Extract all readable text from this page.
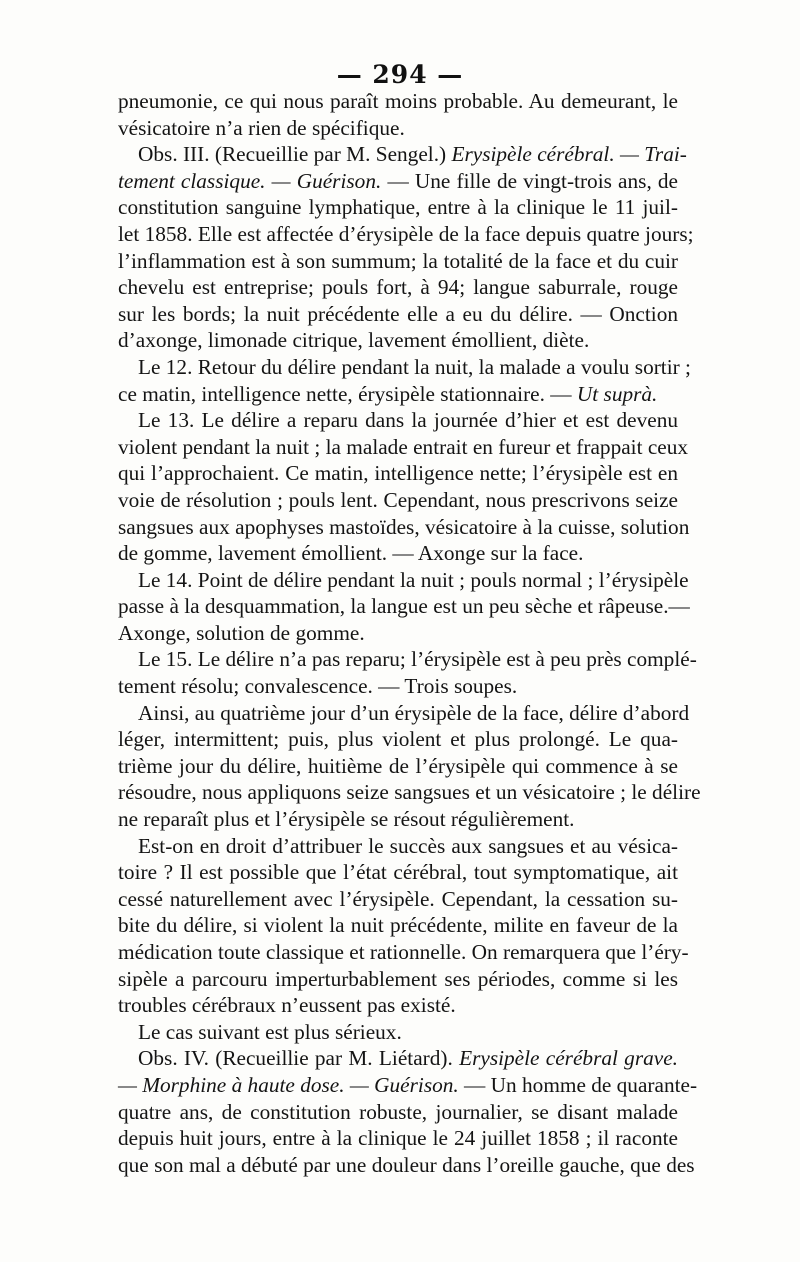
— 294 —
pneumonie, ce qui nous paraît moins probable. Au demeurant, le
vésicatoire n’a rien de spécifique.
Obs. III. (Recueillie par M. Sengel.) Erysipèle cérébral. — Trai-
tement classique. — Guérison. — Une fille de vingt-trois ans, de
constitution sanguine lymphatique, entre à la clinique le 11 juil-
let 1858. Elle est affectée d’érysipèle de la face depuis quatre jours;
l’inflammation est à son summum; la totalité de la face et du cuir
chevelu est entreprise; pouls fort, à 94; langue saburrale, rouge
sur les bords; la nuit précédente elle a eu du délire. — Onction
d’axonge, limonade citrique, lavement émollient, diète.
Le 12. Retour du délire pendant la nuit, la malade a voulu sortir ;
ce matin, intelligence nette, érysipèle stationnaire. — Ut suprà.
Le 13. Le délire a reparu dans la journée d’hier et est devenu
violent pendant la nuit ; la malade entrait en fureur et frappait ceux
qui l’approchaient. Ce matin, intelligence nette; l’érysipèle est en
voie de résolution ; pouls lent. Cependant, nous prescrivons seize
sangsues aux apophyses mastoïdes, vésicatoire à la cuisse, solution
de gomme, lavement émollient. — Axonge sur la face.
Le 14. Point de délire pendant la nuit ; pouls normal ; l’érysipèle
passe à la desquammation, la langue est un peu sèche et râpeuse.—
Axonge, solution de gomme.
Le 15. Le délire n’a pas reparu; l’érysipèle est à peu près complé-
tement résolu; convalescence. — Trois soupes.
Ainsi, au quatrième jour d’un érysipèle de la face, délire d’abord
léger, intermittent; puis, plus violent et plus prolongé. Le qua-
trième jour du délire, huitième de l’érysipèle qui commence à se
résoudre, nous appliquons seize sangsues et un vésicatoire ; le délire
ne reparaît plus et l’érysipèle se résout régulièrement.
Est-on en droit d’attribuer le succès aux sangsues et au vésica-
toire ? Il est possible que l’état cérébral, tout symptomatique, ait
cessé naturellement avec l’érysipèle. Cependant, la cessation su-
bite du délire, si violent la nuit précédente, milite en faveur de la
médication toute classique et rationnelle. On remarquera que l’éry-
sipèle a parcouru imperturbablement ses périodes, comme si les
troubles cérébraux n’eussent pas existé.
Le cas suivant est plus sérieux.
Obs. IV. (Recueillie par M. Liétard). Erysipèle cérébral grave.
— Morphine à haute dose. — Guérison. — Un homme de quarante-
quatre ans, de constitution robuste, journalier, se disant malade
depuis huit jours, entre à la clinique le 24 juillet 1858 ; il raconte
que son mal a débuté par une douleur dans l’oreille gauche, que des
